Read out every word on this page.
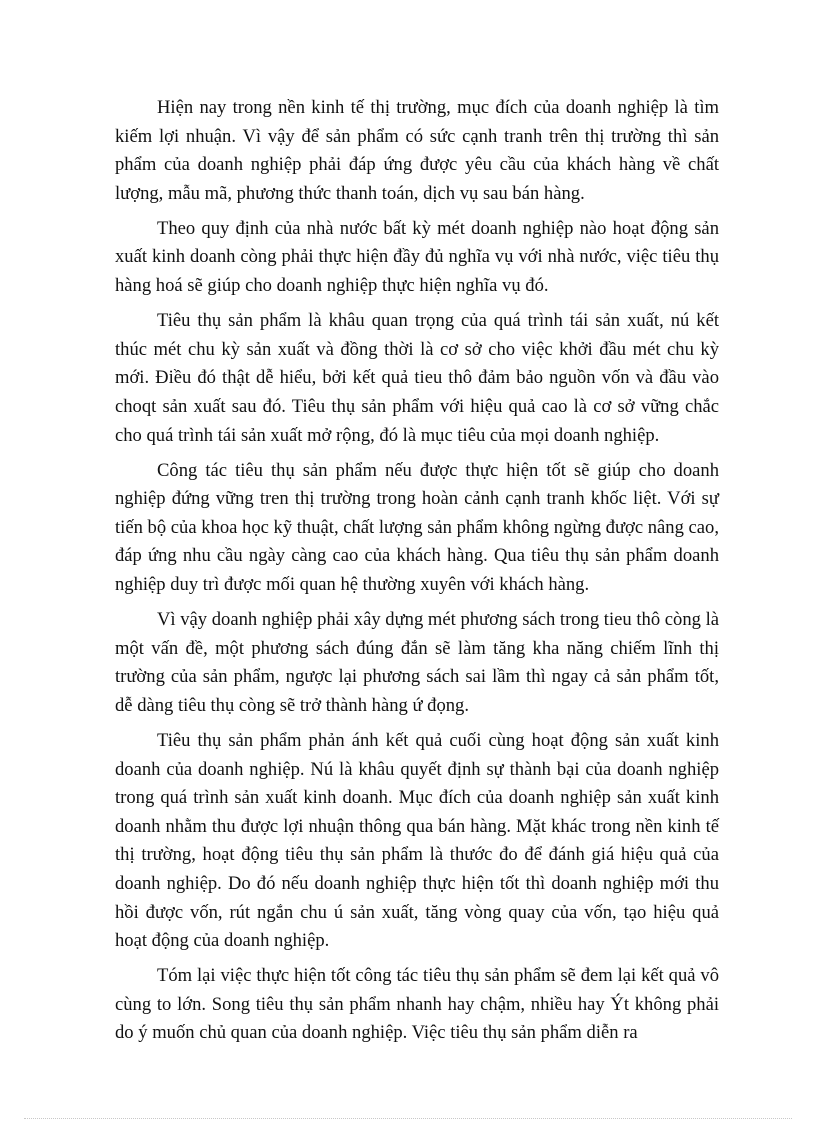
Hiện nay trong nền kinh tế thị trường, mục đích của doanh nghiệp là tìm kiếm lợi nhuận. Vì vậy để sản phẩm có sức cạnh tranh trên thị trường thì sản phẩm của doanh nghiệp phải đáp ứng được yêu cầu của khách hàng về chất lượng, mẫu mã, phương thức thanh toán, dịch vụ sau bán hàng.

Theo quy định của nhà nước bất kỳ mét doanh nghiệp nào hoạt động sản xuất kinh doanh còng phải thực hiện đầy đủ nghĩa vụ với nhà nước, việc tiêu thụ hàng hoá sẽ giúp cho doanh nghiệp thực hiện nghĩa vụ đó.

Tiêu thụ sản phẩm là khâu quan trọng của quá trình tái sản xuất, nú kết thúc mét chu kỳ sản xuất và đồng thời là cơ sở cho việc khởi đầu mét chu kỳ mới. Điều đó thật dễ hiểu, bởi kết quả tieu thô đảm bảo nguồn vốn và đầu vào choqt sản xuất sau đó. Tiêu thụ sản phẩm với hiệu quả cao là cơ sở vững chắc cho quá trình tái sản xuất mở rộng, đó là mục tiêu của mọi doanh nghiệp.

Công tác tiêu thụ sản phẩm nếu được thực hiện tốt sẽ giúp cho doanh nghiệp đứng vững tren thị trường trong hoàn cảnh cạnh tranh khốc liệt. Với sự tiến bộ của khoa học kỹ thuật, chất lượng sản phẩm không ngừng được nâng cao, đáp ứng nhu cầu ngày càng cao của khách hàng. Qua tiêu thụ sản phẩm doanh nghiệp duy trì được mối quan hệ thường xuyên với khách hàng.

Vì vậy doanh nghiệp phải xây dựng mét phương sách trong tieu thô còng là một vấn đề, một phương sách đúng đắn sẽ làm tăng kha năng chiếm lĩnh thị trường của sản phẩm, ngược lại phương sách sai lầm thì ngay cả sản phẩm tốt, dễ dàng tiêu thụ còng sẽ trở thành hàng ứ đọng.

Tiêu thụ sản phẩm phản ánh kết quả cuối cùng hoạt động sản xuất kinh doanh của doanh nghiệp. Nú là khâu quyết định sự thành bại của doanh nghiệp trong quá trình sản xuất kinh doanh. Mục đích của doanh nghiệp sản xuất kinh doanh nhằm thu được lợi nhuận thông qua bán hàng. Mặt khác trong nền kinh tế thị trường, hoạt động tiêu thụ sản phẩm là thước đo để đánh giá hiệu quả của doanh nghiệp. Do đó nếu doanh nghiệp thực hiện tốt thì doanh nghiệp mới thu hồi được vốn, rút ngắn chu ú sản xuất, tăng vòng quay của vốn, tạo hiệu quả hoạt động của doanh nghiệp.

Tóm lại việc thực hiện tốt công tác tiêu thụ sản phẩm sẽ đem lại kết quả vô cùng to lớn. Song tiêu thụ sản phẩm nhanh hay chậm, nhiều hay Ýt không phải do ý muốn chủ quan của doanh nghiệp. Việc tiêu thụ sản phẩm diễn ra
